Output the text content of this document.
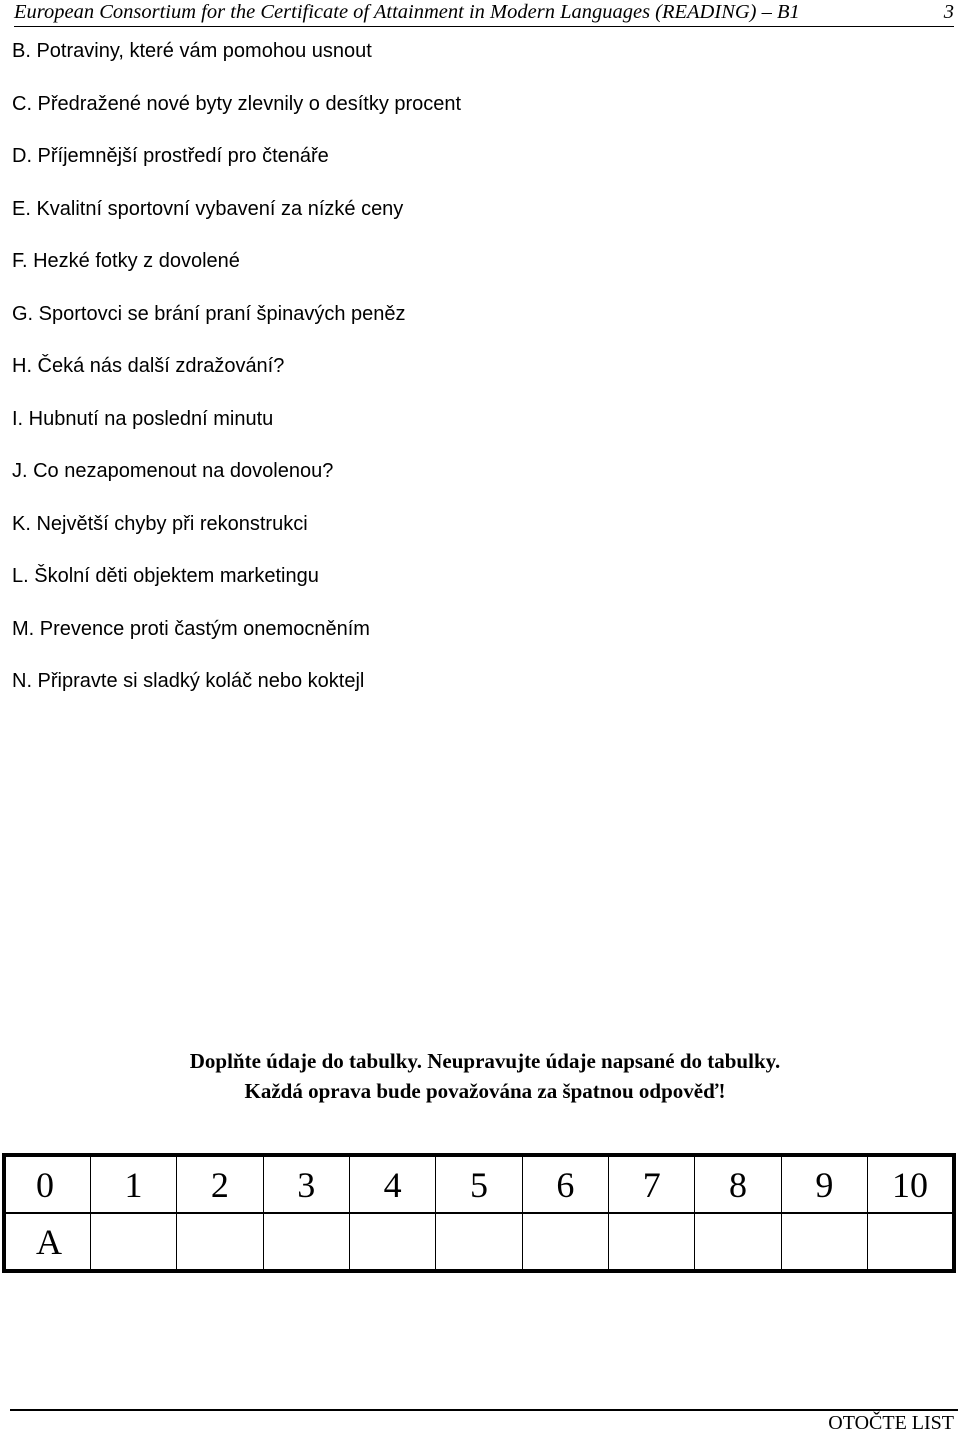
European Consortium for the Certificate of Attainment in Modern Languages (READING) – B1	3
B. Potraviny, které vám pomohou usnout
C. Předražené nové byty zlevnily o desítky procent
D. Příjemnější prostředí pro čtenáře
E. Kvalitní sportovní vybavení za nízké ceny
F. Hezké fotky z dovolené
G. Sportovci se brání praní špinavých peněz
H. Čeká nás další zdražování?
I. Hubnutí na poslední minutu
J. Co nezapomenout na dovolenou?
K. Největší chyby při rekonstrukci
L. Školní děti objektem marketingu
M. Prevence proti častým onemocněním
N. Připravte si sladký koláč nebo koktejl
Doplňte údaje do tabulky. Neupravujte údaje napsané do tabulky.
Každá oprava bude považována za špatnou odpověď!
0	1	2	3	4	5	6	7	8	9	10
A										
OTOČTE LIST
